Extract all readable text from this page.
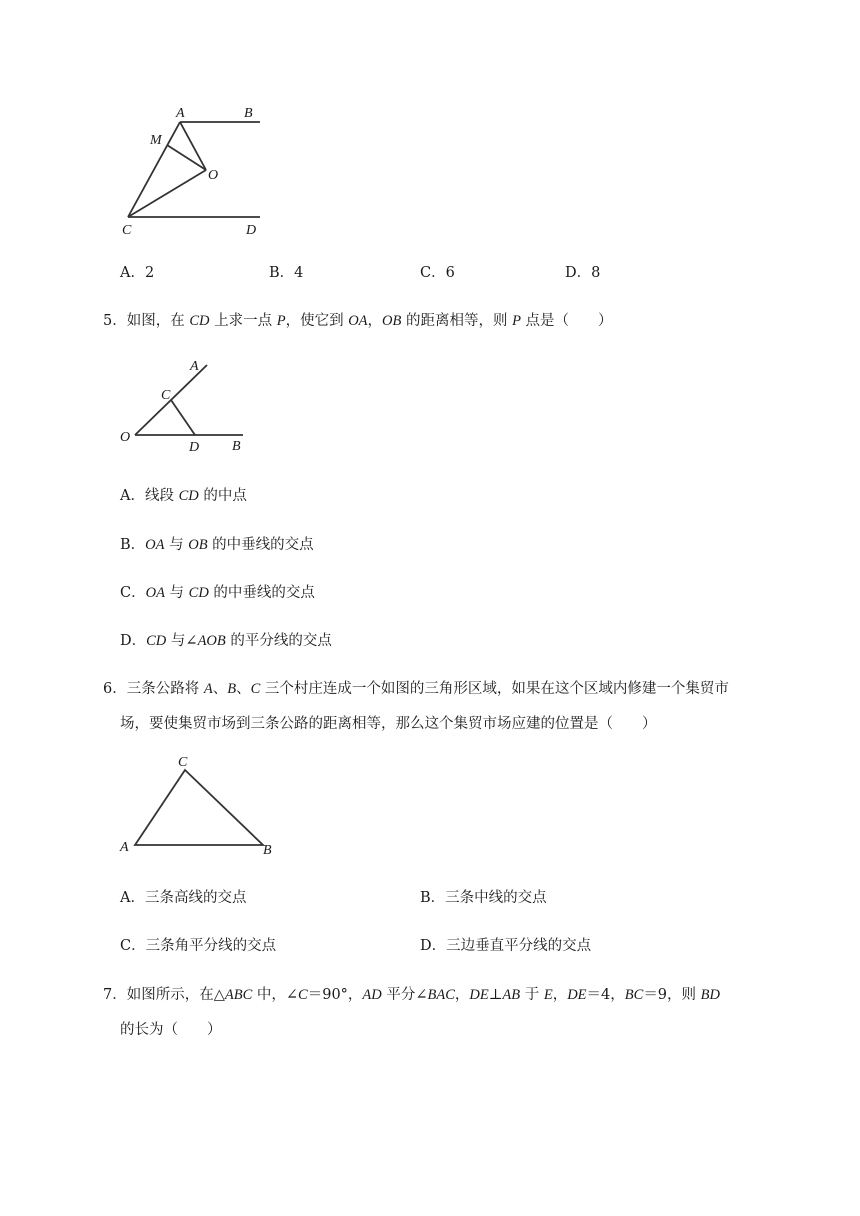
A	B
M
O
C	D
A．2	B．4	C．6	D．8
5．如图，在 CD 上求一点 P，使它到 OA，OB 的距离相等，则 P 点是（　　）
A
C
O
D B
A．线段 CD 的中点
B．OA 与 OB 的中垂线的交点
C．OA 与 CD 的中垂线的交点
D．CD 与∠AOB 的平分线的交点
6．三条公路将 A、B、C 三个村庄连成一个如图的三角形区域，如果在这个区域内修建一个集贸市
场，要使集贸市场到三条公路的距离相等，那么这个集贸市场应建的位置是（　　）
C
A	B
A．三条高线的交点	B．三条中线的交点
C．三条角平分线的交点	D．三边垂直平分线的交点
7．如图所示，在△ABC 中，∠C＝90°，AD 平分∠BAC，DE⊥AB 于 E，DE＝4，BC＝9，则 BD
的长为（　　）
